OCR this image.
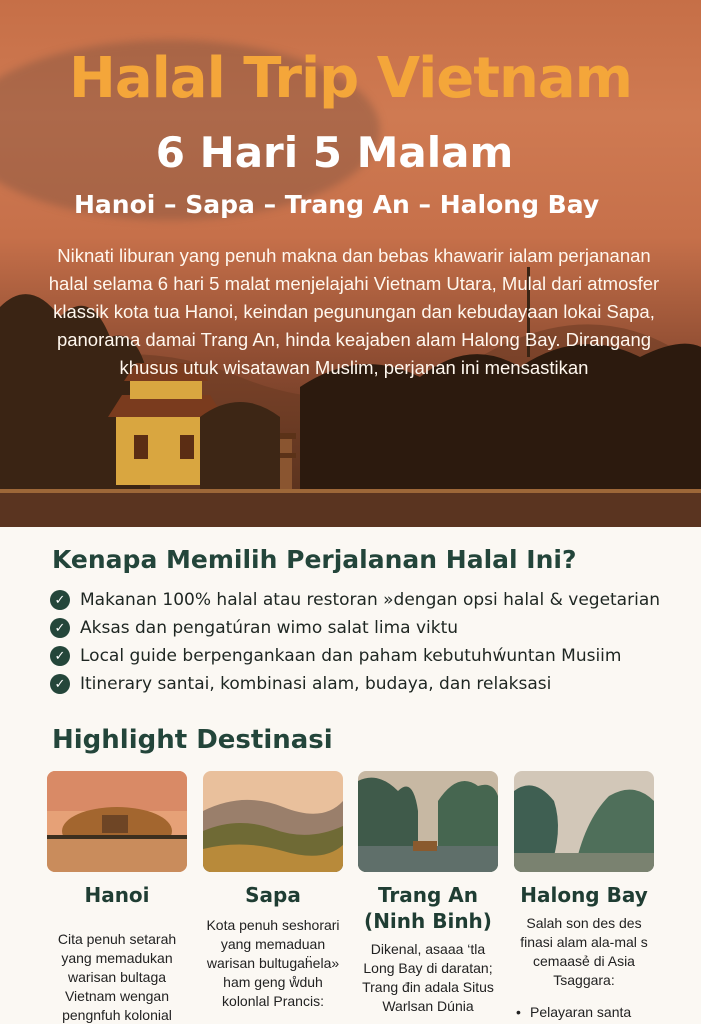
Halal Trip Vietnam
6 Hari 5 Malam
Hanoi – Sapa – Trang An – Halong Bay

Niknati liburan yang penuh makna dan bebas khawarir ialam perjananan halal selama 6 hari 5 malat menjelajahi Vietnam Utara, Mulal dari atmosfer klassik kota tua Hanoi, keindan pegunungan dan kebudayaan lokai Sapa, panorama damai Trang An, hinda keajaben alam Halong Bay. Dirangang khusus utuk wisatawan Muslim, perjanan ini mensastikan

Kenapa Memilih Perjalanan Halal Ini?
✓ Makanan 100% halal atau restoran »dengan opsi halal & vegetarian
✓ Aksas dan pengatúran wimo salat lima viktu
✓ Local guide berpengankaan dan paham kebutuhẃuntan Musiim
✓ Itinerary santai, kombinasi alam, budaya, dan relaksasi
Highlight Destinasi
Hanoi
Cita penuh setarah yang memadukan warisan bultaga Vietnam wengan pengnfuh kolonial
Sapa
Kota penuh seshorari yang memaduan warisan bultugaḧela» ham geng ẘduh kolonlal Prancis:
Trang An (Ninh Binh)
Dikenal, asaaa ‘tla Long Bay di daratan; Trang đin adala Situs Warlsan Dúnia
Halong Bay
Salah son des des finasi alam ala-mal s cemaasẻ di Asia Tsaggara:
• Pelayaran santa
